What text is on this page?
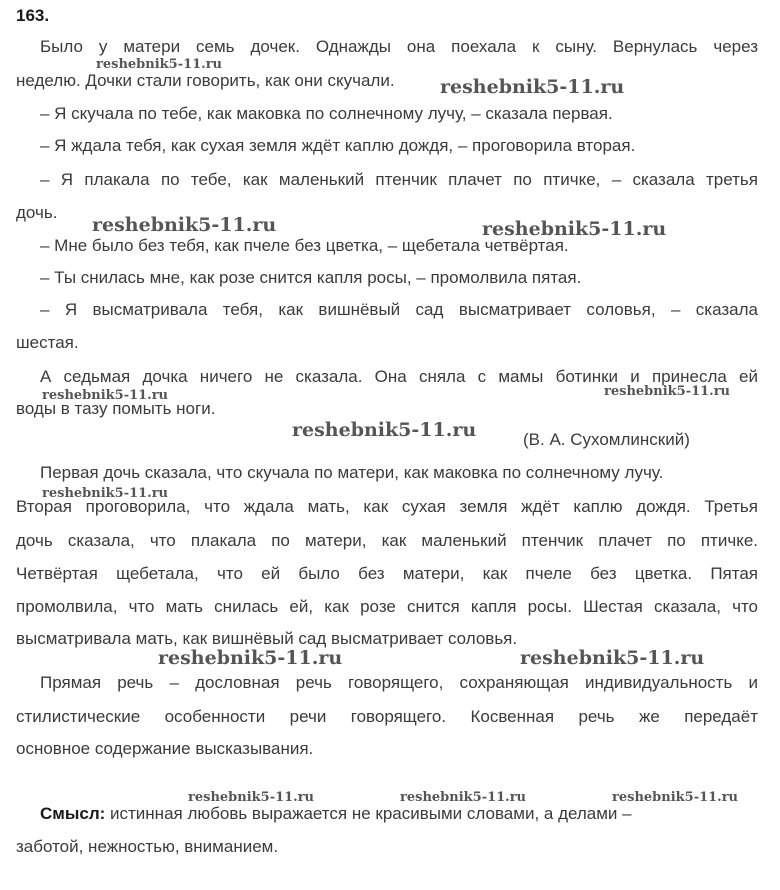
163.
Было у матери семь дочек. Однажды она поехала к сыну. Вернулась через
неделю. Дочки стали говорить, как они скучали.
– Я скучала по тебе, как маковка по солнечному лучу, – сказала первая.
– Я ждала тебя, как сухая земля ждёт каплю дождя, – проговорила вторая.
– Я плакала по тебе, как маленький птенчик плачет по птичке, – сказала третья
дочь.
– Мне было без тебя, как пчеле без цветка, – щебетала четвёртая.
– Ты снилась мне, как розе снится капля росы, – промолвила пятая.
– Я высматривала тебя, как вишнёвый сад высматривает соловья, – сказала
шестая.
А седьмая дочка ничего не сказала. Она сняла с мамы ботинки и принесла ей
воды в тазу помыть ноги.
(В. А. Сухомлинский)
Первая дочь сказала, что скучала по матери, как маковка по солнечному лучу.
Вторая проговорила, что ждала мать, как сухая земля ждёт каплю дождя. Третья
дочь сказала, что плакала по матери, как маленький птенчик плачет по птичке.
Четвёртая щебетала, что ей было без матери, как пчеле без цветка. Пятая
промолвила, что мать снилась ей, как розе снится капля росы. Шестая сказала, что
высматривала мать, как вишнёвый сад высматривает соловья.
Прямая речь – дословная речь говорящего, сохраняющая индивидуальность и
стилистические особенности речи говорящего. Косвенная речь же передаёт
основное содержание высказывания.
Смысл: истинная любовь выражается не красивыми словами, а делами –
заботой, нежностью, вниманием.
reshebnik5-11.ru
reshebnik5-11.ru
reshebnik5-11.ru	reshebnik5-11.ru
reshebnik5-11.ru	reshebnik5-11.ru
reshebnik5-11.ru
reshebnik5-11.ru
reshebnik5-11.ru	reshebnik5-11.ru
reshebnik5-11.ru	reshebnik5-11.ru	reshebnik5-11.ru
